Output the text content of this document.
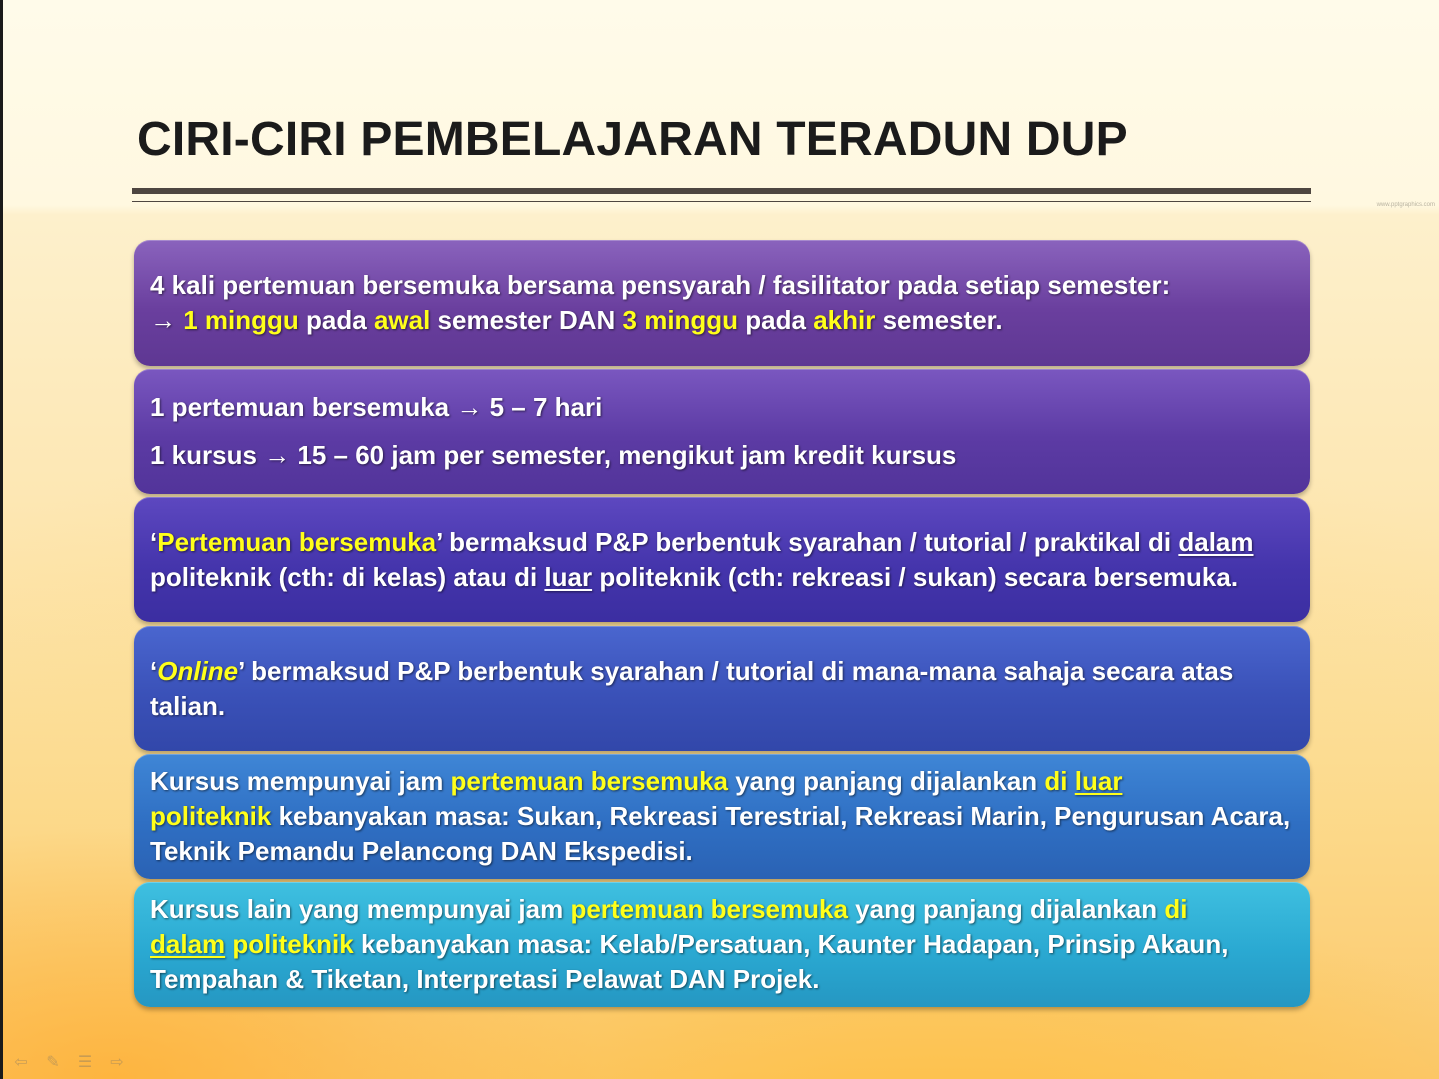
CIRI-CIRI PEMBELAJARAN TERADUN DUP
www.pptgraphics.com

4 kali pertemuan bersemuka bersama pensyarah / fasilitator pada setiap semester:

→ 1 minggu pada awal semester DAN 3 minggu pada akhir semester.

1 pertemuan bersemuka → 5 – 7 hari

1 kursus → 15 – 60 jam per semester, mengikut jam kredit kursus

‘Pertemuan bersemuka’ bermaksud P&P berbentuk syarahan / tutorial / praktikal di dalam politeknik (cth: di kelas) atau di luar politeknik (cth: rekreasi / sukan) secara bersemuka.

‘Online’ bermaksud P&P berbentuk syarahan / tutorial di mana-mana sahaja secara atas talian.

Kursus mempunyai jam pertemuan bersemuka yang panjang dijalankan di luar
politeknik kebanyakan masa: Sukan, Rekreasi Terestrial, Rekreasi Marin, Pengurusan Acara, Teknik Pemandu Pelancong DAN Ekspedisi.

Kursus lain yang mempunyai jam pertemuan bersemuka yang panjang dijalankan di
dalam politeknik kebanyakan masa: Kelab/Persatuan, Kaunter Hadapan, Prinsip Akaun, Tempahan & Tiketan, Interpretasi Pelawat DAN Projek.

⇦ ✎ ☰ ⇨
